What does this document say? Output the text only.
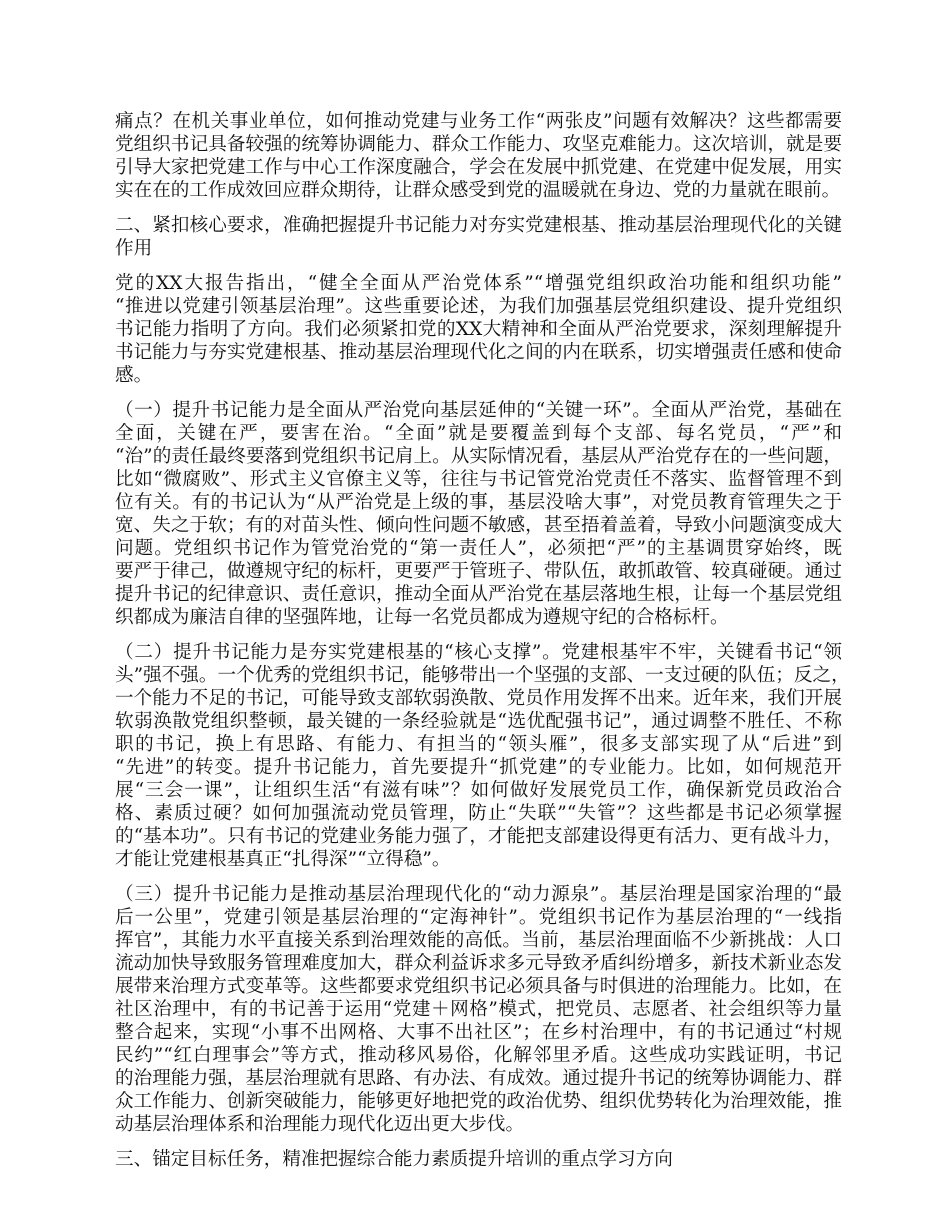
痛点？在机关事业单位，如何推动党建与业务工作“两张皮”问题有效解决？这些都需要
党组织书记具备较强的统筹协调能力、群众工作能力、攻坚克难能力。这次培训，就是要
引导大家把党建工作与中心工作深度融合，学会在发展中抓党建、在党建中促发展，用实
实在在的工作成效回应群众期待，让群众感受到党的温暖就在身边、党的力量就在眼前。
二、紧扣核心要求，准确把握提升书记能力对夯实党建根基、推动基层治理现代化的关键
作用
党的XX大报告指出，“健全全面从严治党体系”“增强党组织政治功能和组织功能”
“推进以党建引领基层治理”。这些重要论述，为我们加强基层党组织建设、提升党组织
书记能力指明了方向。我们必须紧扣党的XX大精神和全面从严治党要求，深刻理解提升
书记能力与夯实党建根基、推动基层治理现代化之间的内在联系，切实增强责任感和使命
感。
（一）提升书记能力是全面从严治党向基层延伸的“关键一环”。全面从严治党，基础在
全面，关键在严，要害在治。“全面”就是要覆盖到每个支部、每名党员，“严”和
“治”的责任最终要落到党组织书记肩上。从实际情况看，基层从严治党存在的一些问题，
比如“微腐败”、形式主义官僚主义等，往往与书记管党治党责任不落实、监督管理不到
位有关。有的书记认为“从严治党是上级的事，基层没啥大事”，对党员教育管理失之于
宽、失之于软；有的对苗头性、倾向性问题不敏感，甚至捂着盖着，导致小问题演变成大
问题。党组织书记作为管党治党的“第一责任人”，必须把“严”的主基调贯穿始终，既
要严于律己，做遵规守纪的标杆，更要严于管班子、带队伍，敢抓敢管、较真碰硬。通过
提升书记的纪律意识、责任意识，推动全面从严治党在基层落地生根，让每一个基层党组
织都成为廉洁自律的坚强阵地，让每一名党员都成为遵规守纪的合格标杆。
（二）提升书记能力是夯实党建根基的“核心支撑”。党建根基牢不牢，关键看书记“领
头”强不强。一个优秀的党组织书记，能够带出一个坚强的支部、一支过硬的队伍；反之，
一个能力不足的书记，可能导致支部软弱涣散、党员作用发挥不出来。近年来，我们开展
软弱涣散党组织整顿，最关键的一条经验就是“选优配强书记”，通过调整不胜任、不称
职的书记，换上有思路、有能力、有担当的“领头雁”，很多支部实现了从“后进”到
“先进”的转变。提升书记能力，首先要提升“抓党建”的专业能力。比如，如何规范开
展“三会一课”，让组织生活“有滋有味”？如何做好发展党员工作，确保新党员政治合
格、素质过硬？如何加强流动党员管理，防止“失联”“失管”？这些都是书记必须掌握
的“基本功”。只有书记的党建业务能力强了，才能把支部建设得更有活力、更有战斗力，
才能让党建根基真正“扎得深”“立得稳”。
（三）提升书记能力是推动基层治理现代化的“动力源泉”。基层治理是国家治理的“最
后一公里”，党建引领是基层治理的“定海神针”。党组织书记作为基层治理的“一线指
挥官”，其能力水平直接关系到治理效能的高低。当前，基层治理面临不少新挑战：人口
流动加快导致服务管理难度加大，群众利益诉求多元导致矛盾纠纷增多，新技术新业态发
展带来治理方式变革等。这些都要求党组织书记必须具备与时俱进的治理能力。比如，在
社区治理中，有的书记善于运用“党建＋网格”模式，把党员、志愿者、社会组织等力量
整合起来，实现“小事不出网格、大事不出社区”；在乡村治理中，有的书记通过“村规
民约”“红白理事会”等方式，推动移风易俗，化解邻里矛盾。这些成功实践证明，书记
的治理能力强，基层治理就有思路、有办法、有成效。通过提升书记的统筹协调能力、群
众工作能力、创新突破能力，能够更好地把党的政治优势、组织优势转化为治理效能，推
动基层治理体系和治理能力现代化迈出更大步伐。
三、锚定目标任务，精准把握综合能力素质提升培训的重点学习方向
